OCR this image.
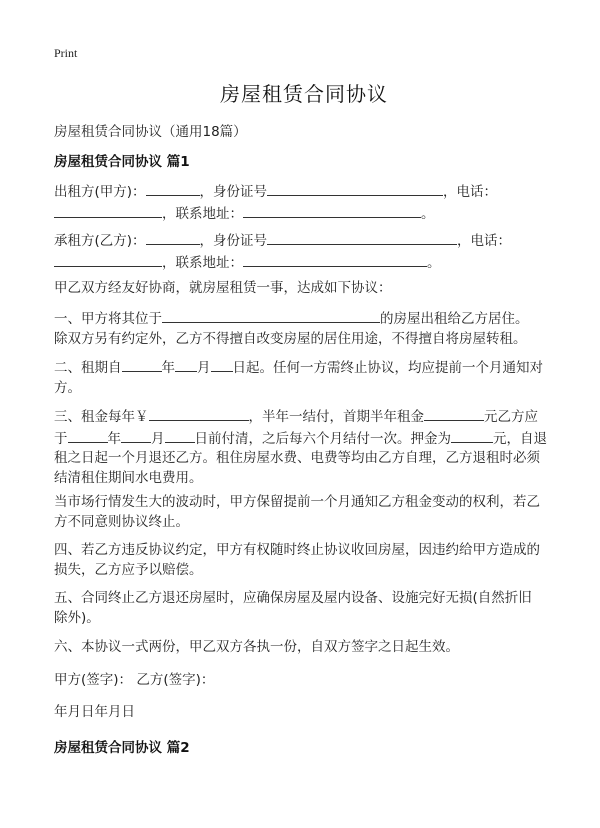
Print
房屋租赁合同协议
房屋租赁合同协议（通用18篇）
房屋租赁合同协议 篇1
出租方(甲方)：	，身份证号	，电话：
，联系地址：	。
承租方(乙方)：	，身份证号	，电话：
，联系地址：	。
甲乙双方经友好协商，就房屋租赁一事，达成如下协议：
一、甲方将其位于	的房屋出租给乙方居住。
除双方另有约定外，乙方不得擅自改变房屋的居住用途，不得擅自将房屋转租。
二、租期自	年 月 日起。任何一方需终止协议，均应提前一个月通知对
方。
三、租金每年￥	，半年一结付，首期半年租金	元乙方应
于	年 月 日前付清，之后每六个月结付一次。押金为	元，自退
租之日起一个月退还乙方。租住房屋水费、电费等均由乙方自理，乙方退租时必须
结清租住期间水电费用。
当市场行情发生大的波动时，甲方保留提前一个月通知乙方租金变动的权利，若乙
方不同意则协议终止。
四、若乙方违反协议约定，甲方有权随时终止协议收回房屋，因违约给甲方造成的
损失，乙方应予以赔偿。
五、合同终止乙方退还房屋时，应确保房屋及屋内设备、设施完好无损(自然折旧
除外)。
六、本协议一式两份，甲乙双方各执一份，自双方签字之日起生效。
甲方(签字)： 乙方(签字)：
年月日年月日
房屋租赁合同协议 篇2
